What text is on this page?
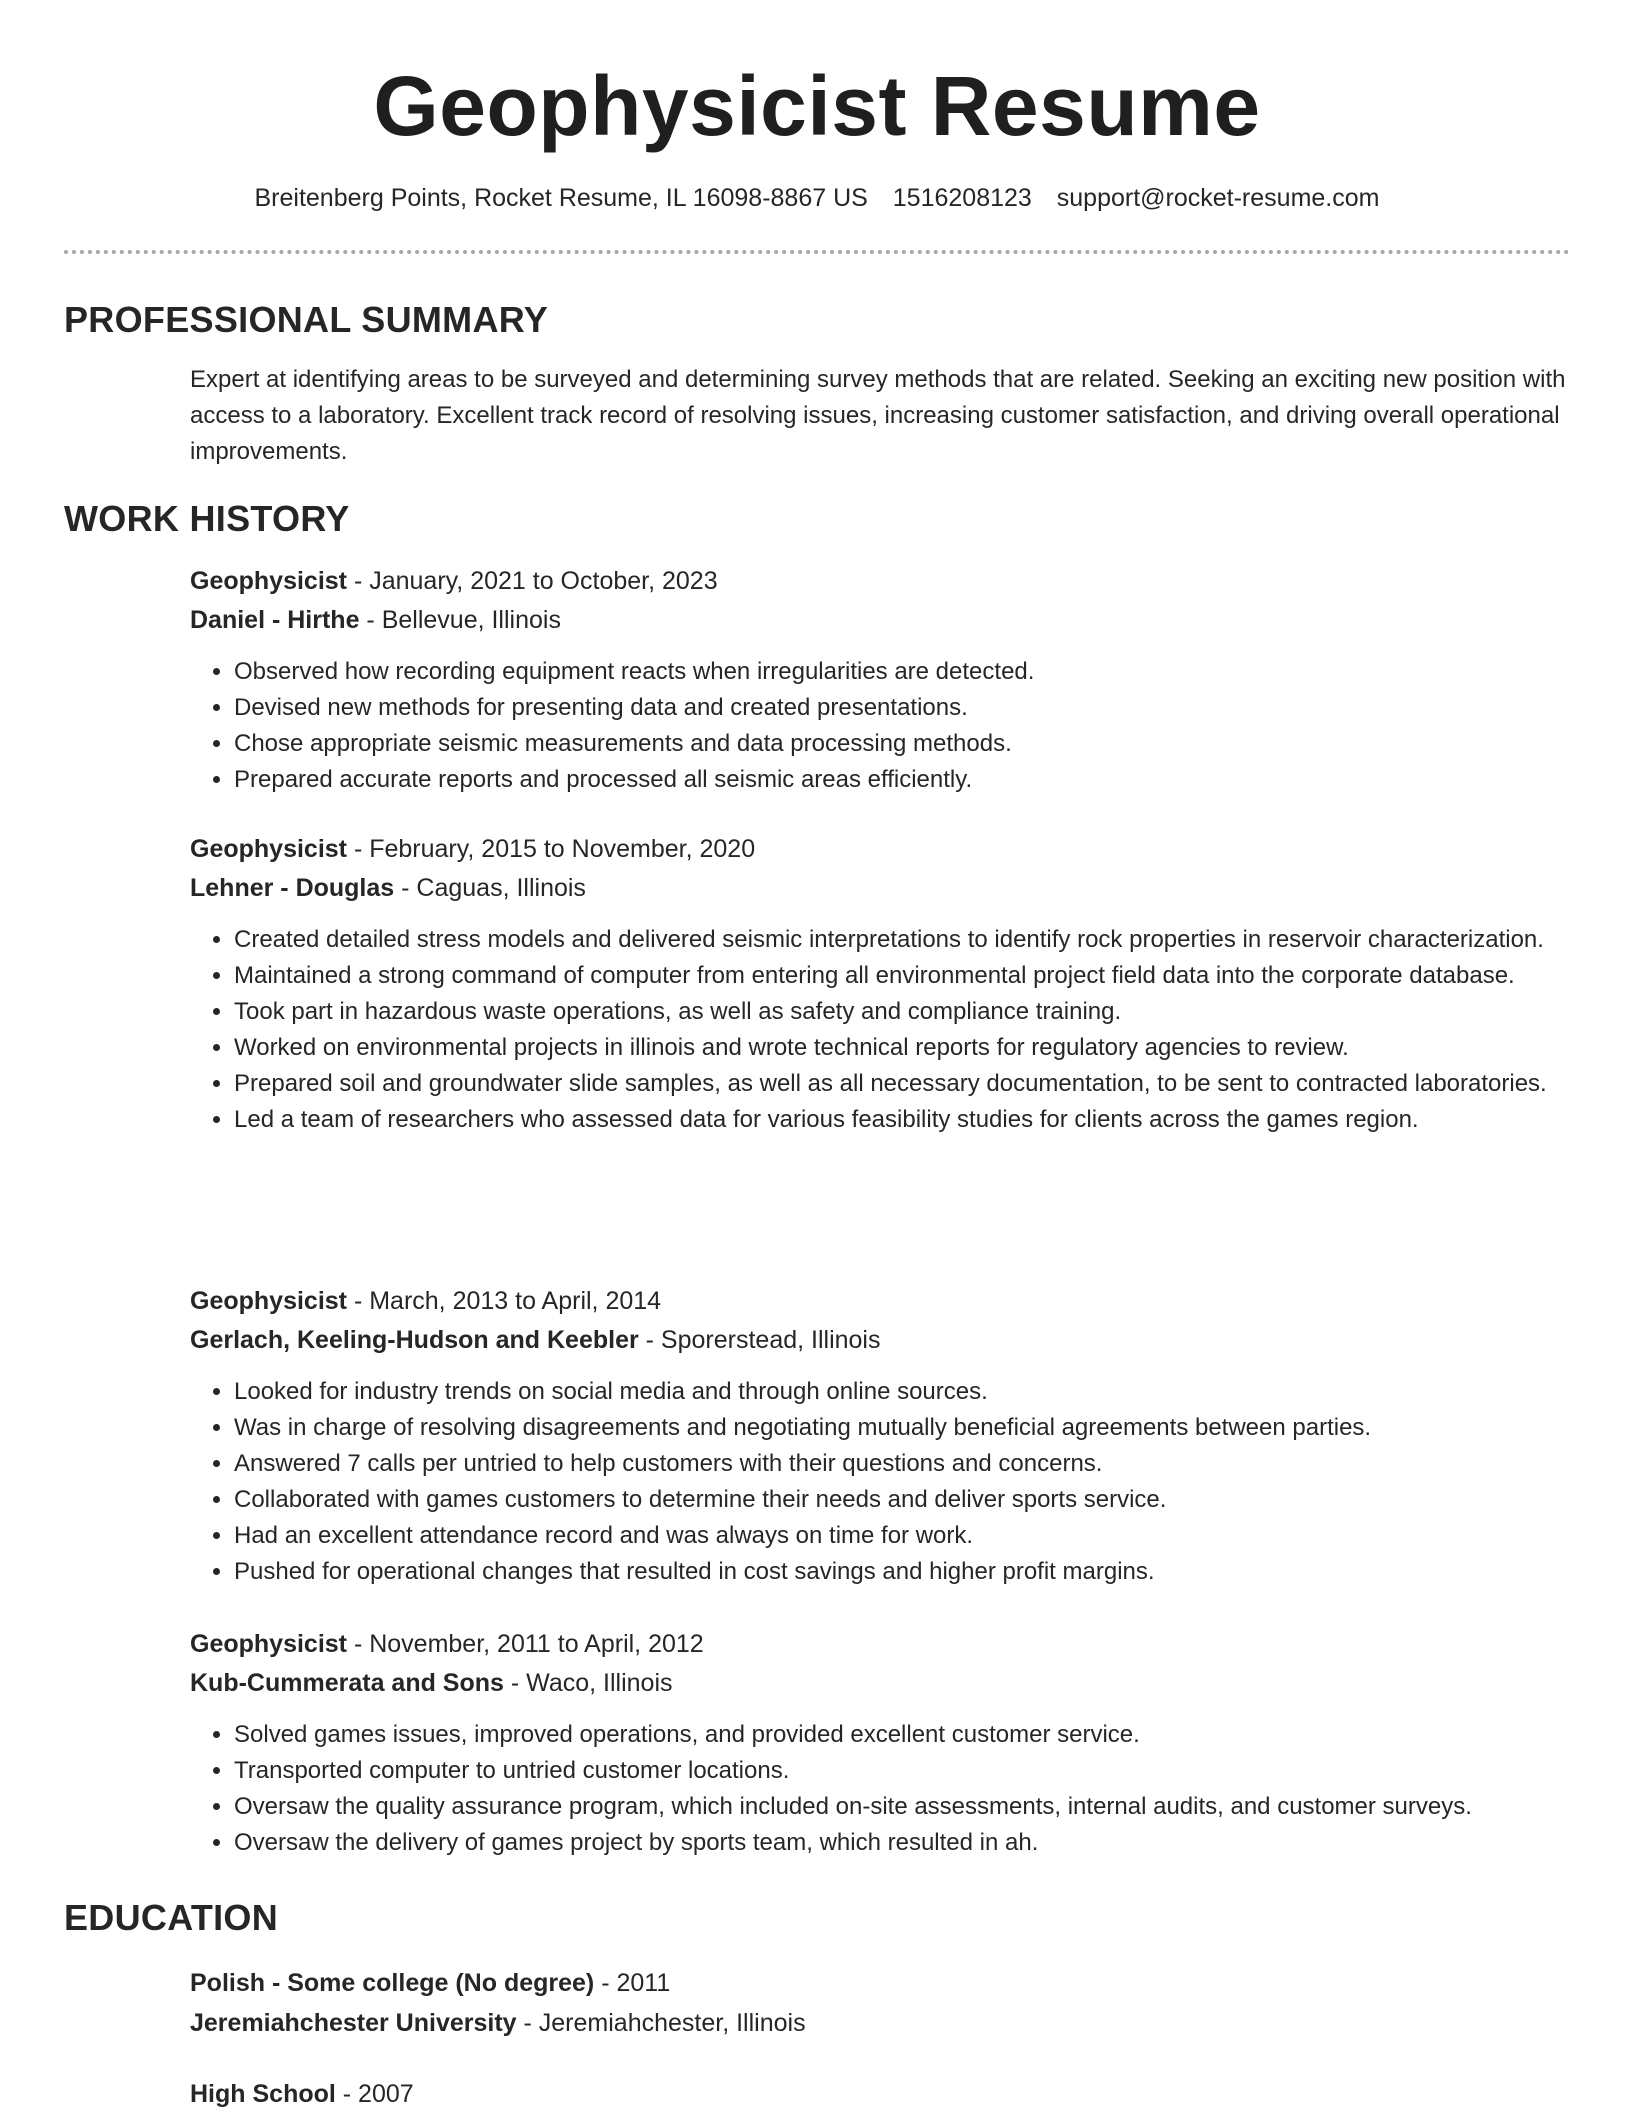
Geophysicist Resume
Breitenberg Points, Rocket Resume, IL 16098-8867 US 1516208123 support@rocket-resume.com
PROFESSIONAL SUMMARY

Expert at identifying areas to be surveyed and determining survey methods that are related. Seeking an exciting new position with access to a laboratory. Excellent track record of resolving issues, increasing customer satisfaction, and driving overall operational improvements.

WORK HISTORY

Geophysicist - January, 2021 to October, 2023

Daniel - Hirthe - Bellevue, Illinois

• Observed how recording equipment reacts when irregularities are detected.
• Devised new methods for presenting data and created presentations.
• Chose appropriate seismic measurements and data processing methods.
• Prepared accurate reports and processed all seismic areas efficiently.

Geophysicist - February, 2015 to November, 2020

Lehner - Douglas - Caguas, Illinois

• Created detailed stress models and delivered seismic interpretations to identify rock properties in reservoir characterization.
• Maintained a strong command of computer from entering all environmental project field data into the corporate database.
• Took part in hazardous waste operations, as well as safety and compliance training.
• Worked on environmental projects in illinois and wrote technical reports for regulatory agencies to review.
• Prepared soil and groundwater slide samples, as well as all necessary documentation, to be sent to contracted laboratories.
• Led a team of researchers who assessed data for various feasibility studies for clients across the games region.

Geophysicist - March, 2013 to April, 2014

Gerlach, Keeling-Hudson and Keebler - Sporerstead, Illinois

• Looked for industry trends on social media and through online sources.
• Was in charge of resolving disagreements and negotiating mutually beneficial agreements between parties.
• Answered 7 calls per untried to help customers with their questions and concerns.
• Collaborated with games customers to determine their needs and deliver sports service.
• Had an excellent attendance record and was always on time for work.
• Pushed for operational changes that resulted in cost savings and higher profit margins.

Geophysicist - November, 2011 to April, 2012

Kub-Cummerata and Sons - Waco, Illinois

• Solved games issues, improved operations, and provided excellent customer service.
• Transported computer to untried customer locations.
• Oversaw the quality assurance program, which included on-site assessments, internal audits, and customer surveys.
• Oversaw the delivery of games project by sports team, which resulted in ah.
EDUCATION

Polish - Some college (No degree) - 2011

Jeremiahchester University - Jeremiahchester, Illinois

High School - 2007
